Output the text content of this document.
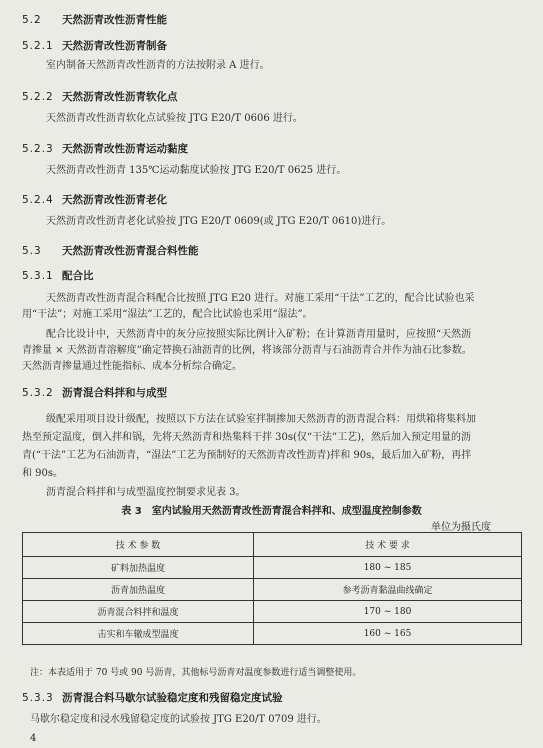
5.2 天然沥青改性沥青性能
5.2.1 天然沥青改性沥青制备
室内制备天然沥青改性沥青的方法按附录 A 进行。
5.2.2 天然沥青改性沥青软化点
天然沥青改性沥青软化点试验按 JTG E20/T 0606 进行。
5.2.3 天然沥青改性沥青运动黏度
天然沥青改性沥青 135℃运动黏度试验按 JTG E20/T 0625 进行。
5.2.4 天然沥青改性沥青老化
天然沥青改性沥青老化试验按 JTG E20/T 0609(或 JTG E20/T 0610)进行。
5.3 天然沥青改性沥青混合料性能
5.3.1 配合比
天然沥青改性沥青混合料配合比按照 JTG E20 进行。对施工采用“干法”工艺的，配合比试验也采
用“干法”；对施工采用“湿法”工艺的，配合比试验也采用“湿法”。
配合比设计中，天然沥青中的灰分应按照实际比例计入矿粉；在计算沥青用量时，应按照“天然沥
青掺量 × 天然沥青溶解度”确定替换石油沥青的比例，将该部分沥青与石油沥青合并作为油石比参数。
天然沥青掺量通过性能指标、成本分析综合确定。
5.3.2 沥青混合料拌和与成型
级配采用项目设计级配，按照以下方法在试验室拌制掺加天然沥青的沥青混合料：用烘箱将集料加
热至预定温度，倒入拌和锅，先将天然沥青和热集料干拌 30s(仅“干法”工艺)，然后加入预定用量的沥
青(“干法”工艺为石油沥青，“湿法”工艺为预制好的天然沥青改性沥青)拌和 90s，最后加入矿粉，再拌
和 90s。
沥青混合料拌和与成型温度控制要求见表 3。
表 3　室内试验用天然沥青改性沥青混合料拌和、成型温度控制参数
单位为摄氏度
技 术 参 数	技 术 要 求
矿料加热温度	180 ~ 185
沥青加热温度	参考沥青黏温曲线确定
沥青混合料拌和温度	170 ~ 180
击实和车辙成型温度	160 ~ 165
注：本表适用于 70 号或 90 号沥青，其他标号沥青对温度参数进行适当调整使用。
5.3.3 沥青混合料马歇尔试验稳定度和残留稳定度试验
马歇尔稳定度和浸水残留稳定度的试验按 JTG E20/T 0709 进行。
4
